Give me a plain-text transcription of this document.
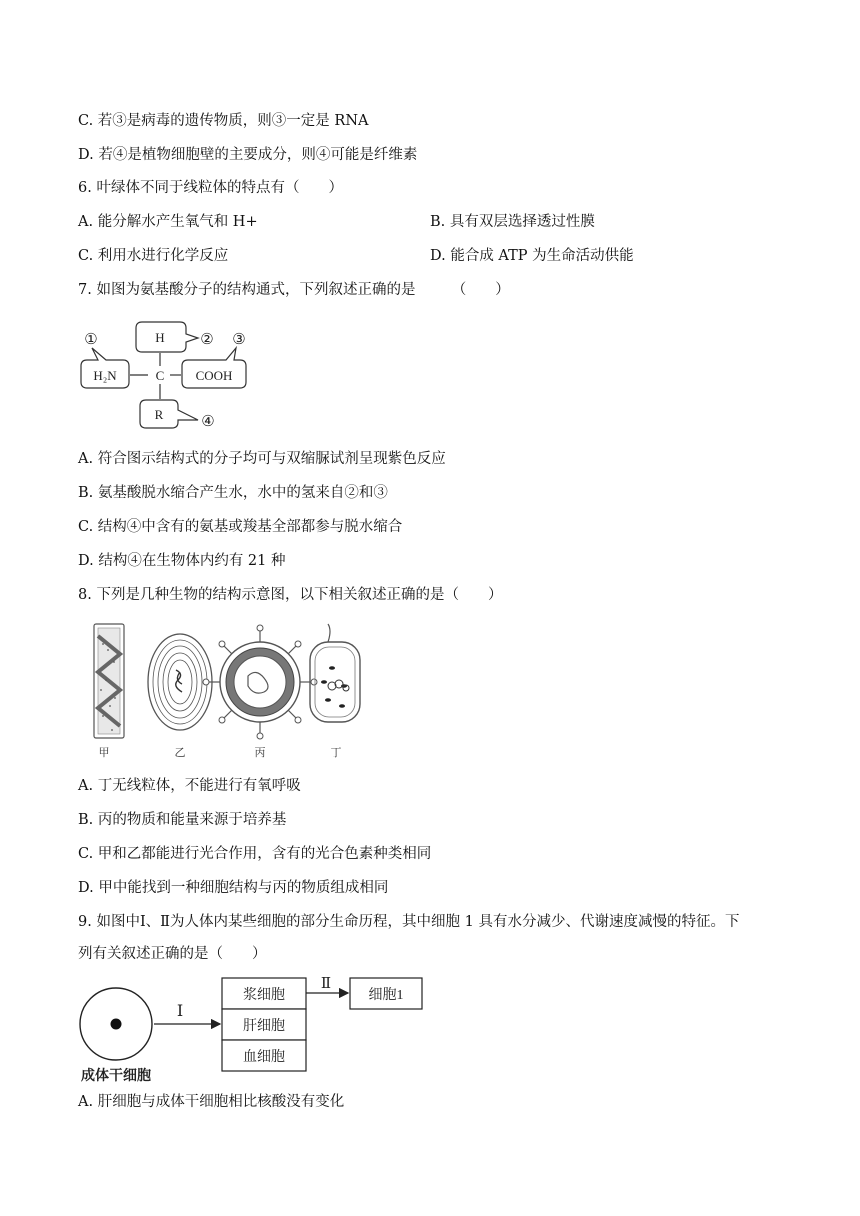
C. 若③是病毒的遗传物质，则③一定是 RNA
D. 若④是植物细胞壁的主要成分，则④可能是纤维素
6. 叶绿体不同于线粒体的特点有（　　）
A. 能分解水产生氧气和 H+	B. 具有双层选择透过性膜
C. 利用水进行化学反应	D. 能合成 ATP 为生命活动供能
7. 如图为氨基酸分子的结构通式，下列叙述正确的是　　　（　　）
H
C
H₂N	COOH
R
①	② ③
④
A. 符合图示结构式的分子均可与双缩脲试剂呈现紫色反应
B. 氨基酸脱水缩合产生水，水中的氢来自②和③
C. 结构④中含有的氨基或羧基全部都参与脱水缩合
D. 结构④在生物体内约有 21 种
8. 下列是几种生物的结构示意图，以下相关叙述正确的是（　　）
甲	乙	丙	丁
A. 丁无线粒体，不能进行有氧呼吸
B. 丙的物质和能量来源于培养基
C. 甲和乙都能进行光合作用，含有的光合色素种类相同
D. 甲中能找到一种细胞结构与丙的物质组成相同
9. 如图中Ⅰ、Ⅱ为人体内某些细胞的部分生命历程，其中细胞 1 具有水分减少、代谢速度减慢的特征。下
列有关叙述正确的是（　　）
Ⅰ
Ⅱ
浆细胞
肝细胞
血细胞
细胞1
成体干细胞
A. 肝细胞与成体干细胞相比核酸没有变化
